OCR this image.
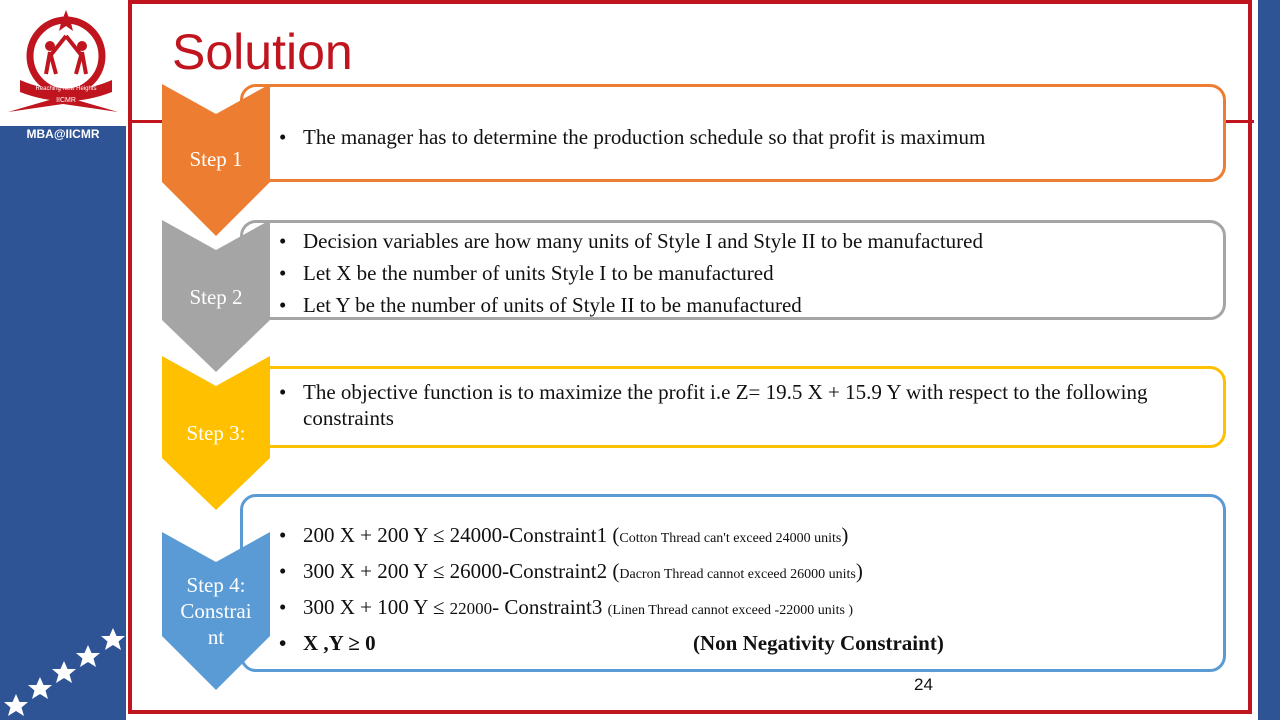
Reaching New Heights
IICMR
MBA@IICMR
Solution
• The manager has to determine the production schedule so that profit is maximum
Step 1
• Decision variables are how many units of Style I and Style II to be manufactured
• Let X be the number of units Style I to be manufactured
• Let Y be the number of units of Style II to be manufactured
Step 2
• The objective function is to maximize the profit i.e Z= 19.5 X + 15.9 Y with respect to the following constraints
Step 3:
• 200 X + 200 Y ≤ 24000-Constraint1 (Cotton Thread can't exceed 24000 units)
• 300 X + 200 Y ≤ 26000-Constraint2 (Dacron Thread cannot exceed 26000 units)
• 300 X + 100 Y ≤ 22000- Constraint3 (Linen Thread cannot exceed -22000 units )
• X ,Y ≥ 0	(Non Negativity Constraint)
Step 4:
Constrai
nt
24
